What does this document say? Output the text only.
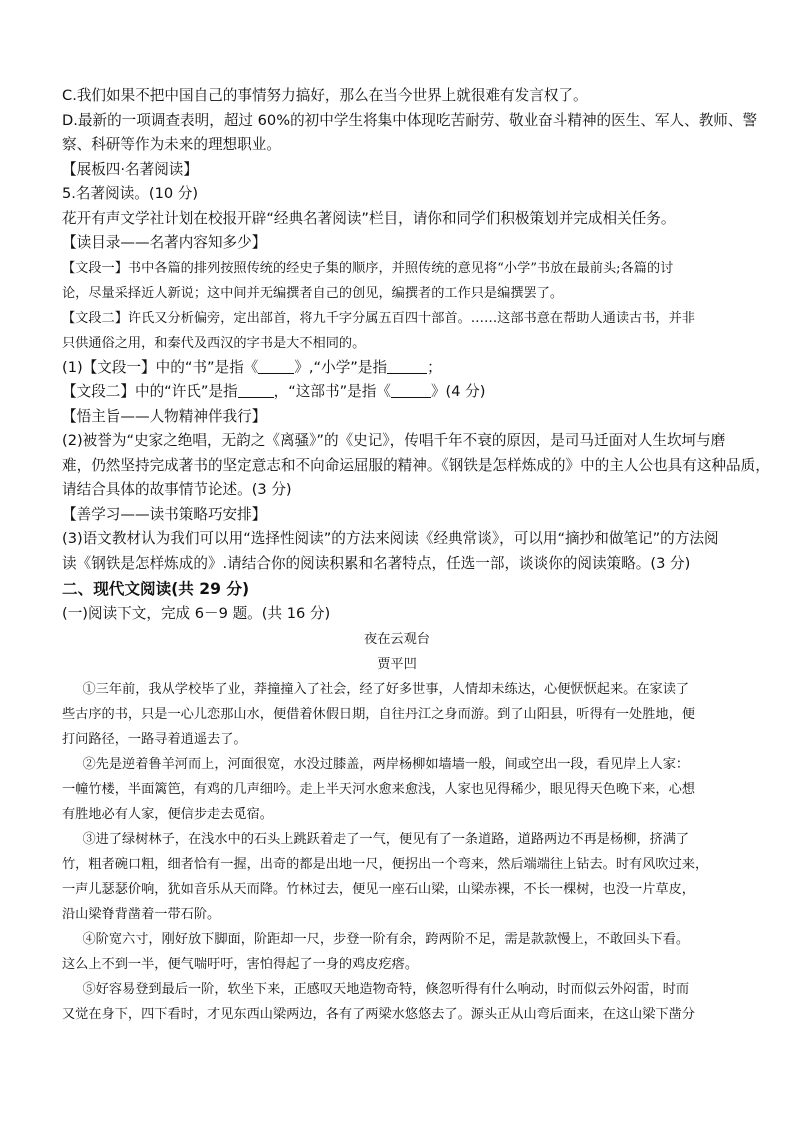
C.我们如果不把中国自己的事情努力搞好，那么在当今世界上就很难有发言权了。
D.最新的一项调查表明，超过 60%的初中学生将集中体现吃苦耐劳、敬业奋斗精神的医生、军人、教师、警
察、科研等作为未来的理想职业。
【展板四·名著阅读】
5.名著阅读。(10 分)
花开有声文学社计划在校报开辟“经典名著阅读”栏目，请你和同学们积极策划并完成相关任务。
【读目录——名著内容知多少】
【文段一】书中各篇的排列按照传统的经史子集的顺序，并照传统的意见将“小学”书放在最前头;各篇的讨
论，尽量采择近人新说；这中间并无编撰者自己的创见，编撰者的工作只是编撰罢了。
【文段二】许氏又分析偏旁，定出部首，将九千字分属五百四十部首。……这部书意在帮助人通读古书，并非
只供通俗之用，和秦代及西汉的字书是大不相同的。
(1)【文段一】中的“书”是指《 》,“小学”是指	；
【文段二】中的“许氏”是指 ，“这部书”是指《	》(4 分)
【悟主旨——人物精神伴我行】
(2)被誉为“史家之绝唱，无韵之《离骚》”的《史记》，传唱千年不衰的原因，是司马迁面对人生坎坷与磨
难，仍然坚持完成著书的坚定意志和不向命运屈服的精神。《钢铁是怎样炼成的》中的主人公也具有这种品质，
请结合具体的故事情节论述。(3 分)
【善学习——读书策略巧安排】
(3)语文教材认为我们可以用“选择性阅读”的方法来阅读《经典常谈》，可以用“摘抄和做笔记”的方法阅
读《钢铁是怎样炼成的》.请结合你的阅读积累和名著特点，任选一部，谈谈你的阅读策略。(3 分)
二、现代文阅读(共 29 分)
(一)阅读下文，完成 6－9 题。(共 16 分)
夜在云观台
贾平凹
①三年前，我从学校毕了业，莽撞撞入了社会，经了好多世事，人情却未练达，心便恹恹起来。在家读了
些古序的书，只是一心儿恋那山水，便借着休假日期，自往丹江之身而游。到了山阳县，听得有一处胜地，便
打问路径，一路寻着逍遥去了。
②先是逆着鲁羊河而上，河面很宽，水没过膝盖，两岸杨柳如墙墙一般，间或空出一段，看见岸上人家：
一幢竹楼，半面篱笆，有鸡的几声细吟。走上半天河水愈来愈浅，人家也见得稀少，眼见得天色晚下来，心想
有胜地必有人家，便信步走去觅宿。
③进了绿树林子，在浅水中的石头上跳跃着走了一气，便见有了一条道路，道路两边不再是杨柳，挤满了
竹，粗者碗口粗，细者恰有一握，出奇的都是出地一尺，便拐出一个弯来，然后端端往上钻去。时有风吹过来，
一声儿瑟瑟价响，犹如音乐从天而降。竹林过去，便见一座石山梁，山梁赤裸，不长一棵树，也没一片草皮，
沿山梁脊背凿着一带石阶。
④阶宽六寸，刚好放下脚面，阶距却一尺，步登一阶有余，跨两阶不足，需是款款慢上，不敢回头下看。
这么上不到一半，便气喘吁吁，害怕得起了一身的鸡皮疙瘩。
⑤好容易登到最后一阶，软坐下来，正感叹天地造物奇特，倏忽听得有什么响动，时而似云外闷雷，时而
又觉在身下，四下看时，才见东西山梁两边，各有了两梁水悠悠去了。源头正从山弯后面来，在这山梁下凿分
